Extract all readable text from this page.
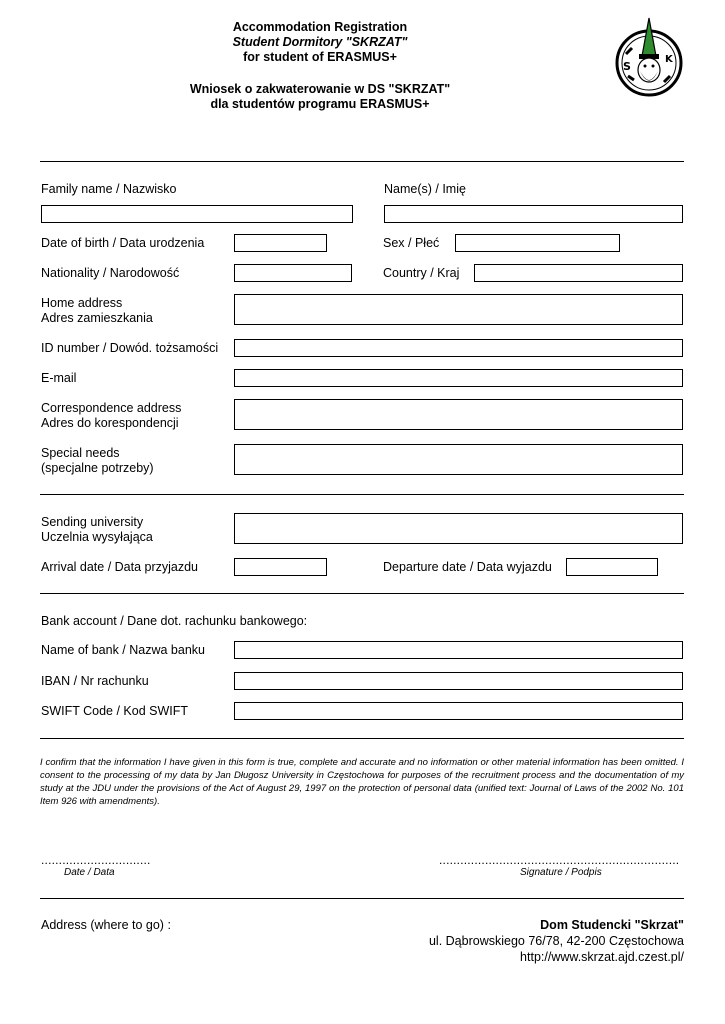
Accommodation Registration
Student Dormitory "SKRZAT"
for student of ERASMUS+
Wniosek o zakwaterowanie w DS "SKRZAT"
dla studentów programu ERASMUS+
S
K
Family name / Nazwisko	Name(s) / Imię
Date of birth / Data urodzenia	Sex / Płeć
Nationality / Narodowość	Country / Kraj
Home address
Adres zamieszkania
ID number / Dowód. tożsamości
E-mail
Correspondence address
Adres do korespondencji
Special needs
(specjalne potrzeby)
Sending university
Uczelnia wysyłająca
Arrival date / Data przyjazdu	Departure date / Data wyjazdu
Bank account / Dane dot. rachunku bankowego:
Name of bank / Nazwa banku
IBAN / Nr rachunku
SWIFT Code / Kod SWIFT
I confirm that the information I have given in this form is true, complete and accurate and no information or other material information has been omitted. I consent to the processing of my data by Jan Długosz University in Częstochowa for purposes of the recruitment process and the documentation of my study at the JDU under the provisions of the Act of August 29, 1997 on the protection of personal data (unified text: Journal of Laws of the 2002 No. 101 Item 926 with amendments).
...............................
Date / Data
....................................................................
Signature / Podpis
Address (where to go) :	Dom Studencki "Skrzat"
ul. Dąbrowskiego 76/78, 42-200 Częstochowa
http://www.skrzat.ajd.czest.pl/
